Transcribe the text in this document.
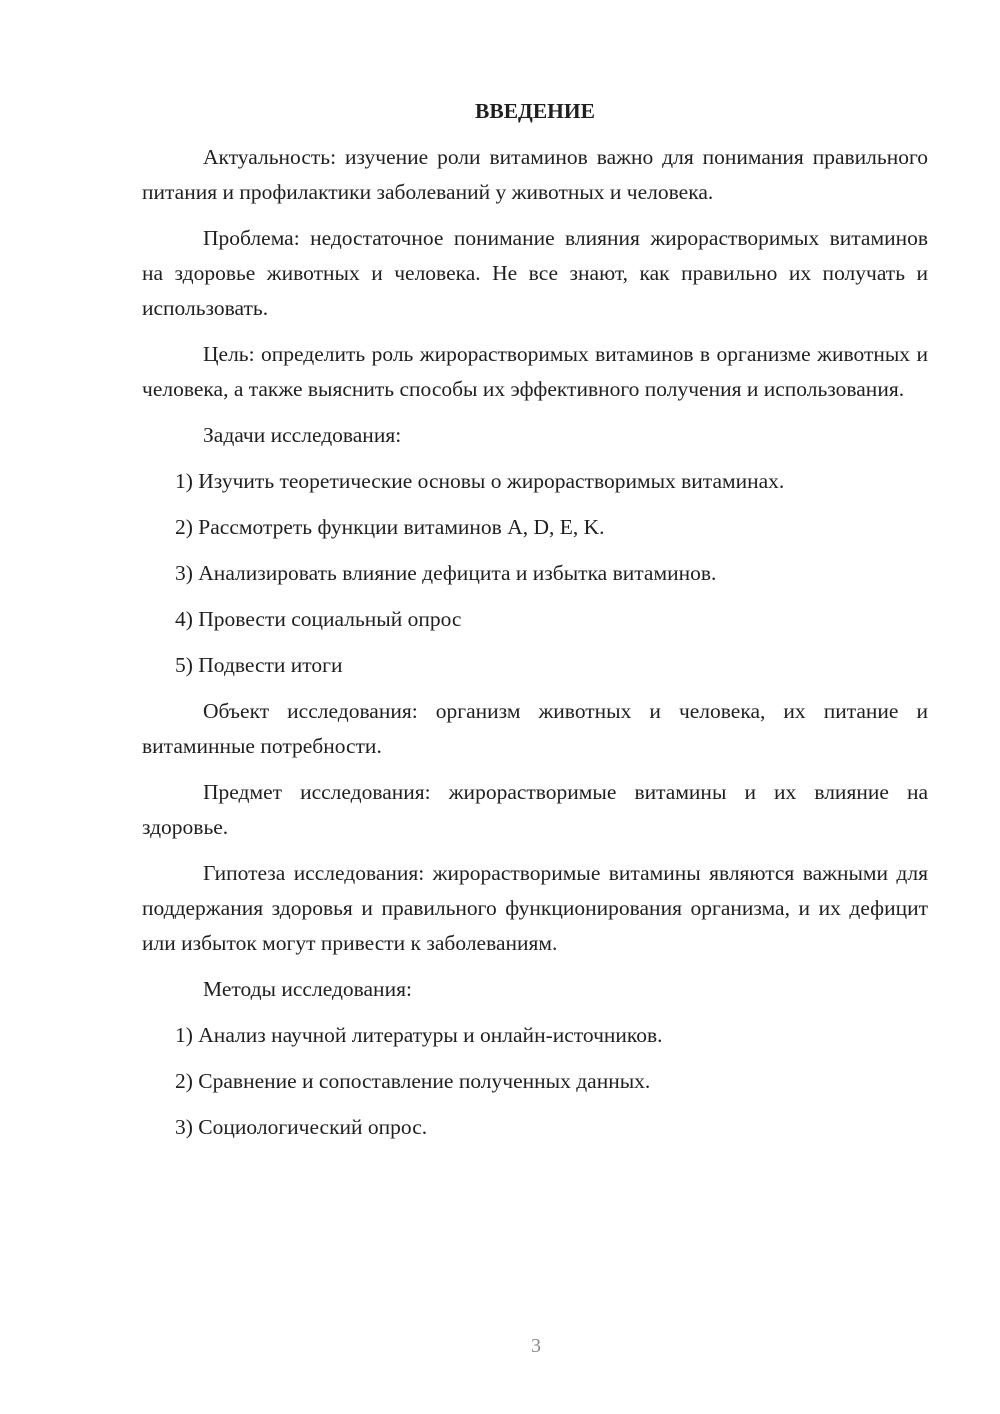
ВВЕДЕНИЕ

Актуальность: изучение роли витаминов важно для понимания правильного питания и профилактики заболеваний у животных и человека.

Проблема: недостаточное понимание влияния жирорастворимых витаминов на здоровье животных и человека. Не все знают, как правильно их получать и использовать.

Цель: определить роль жирорастворимых витаминов в организме животных и человека, а также выяснить способы их эффективного получения и использования.

Задачи исследования:

1) Изучить теоретические основы о жирорастворимых витаминах.

2) Рассмотреть функции витаминов A, D, E, K.

3) Анализировать влияние дефицита и избытка витаминов.

4) Провести социальный опрос

5) Подвести итоги

Объект исследования: организм животных и человека, их питание и витаминные потребности.

Предмет исследования: жирорастворимые витамины и их влияние на здоровье.

Гипотеза исследования: жирорастворимые витамины являются важными для поддержания здоровья и правильного функционирования организма, и их дефицит или избыток могут привести к заболеваниям.

Методы исследования:

1) Анализ научной литературы и онлайн-источников.

2) Сравнение и сопоставление полученных данных.

3) Социологический опрос.

3
